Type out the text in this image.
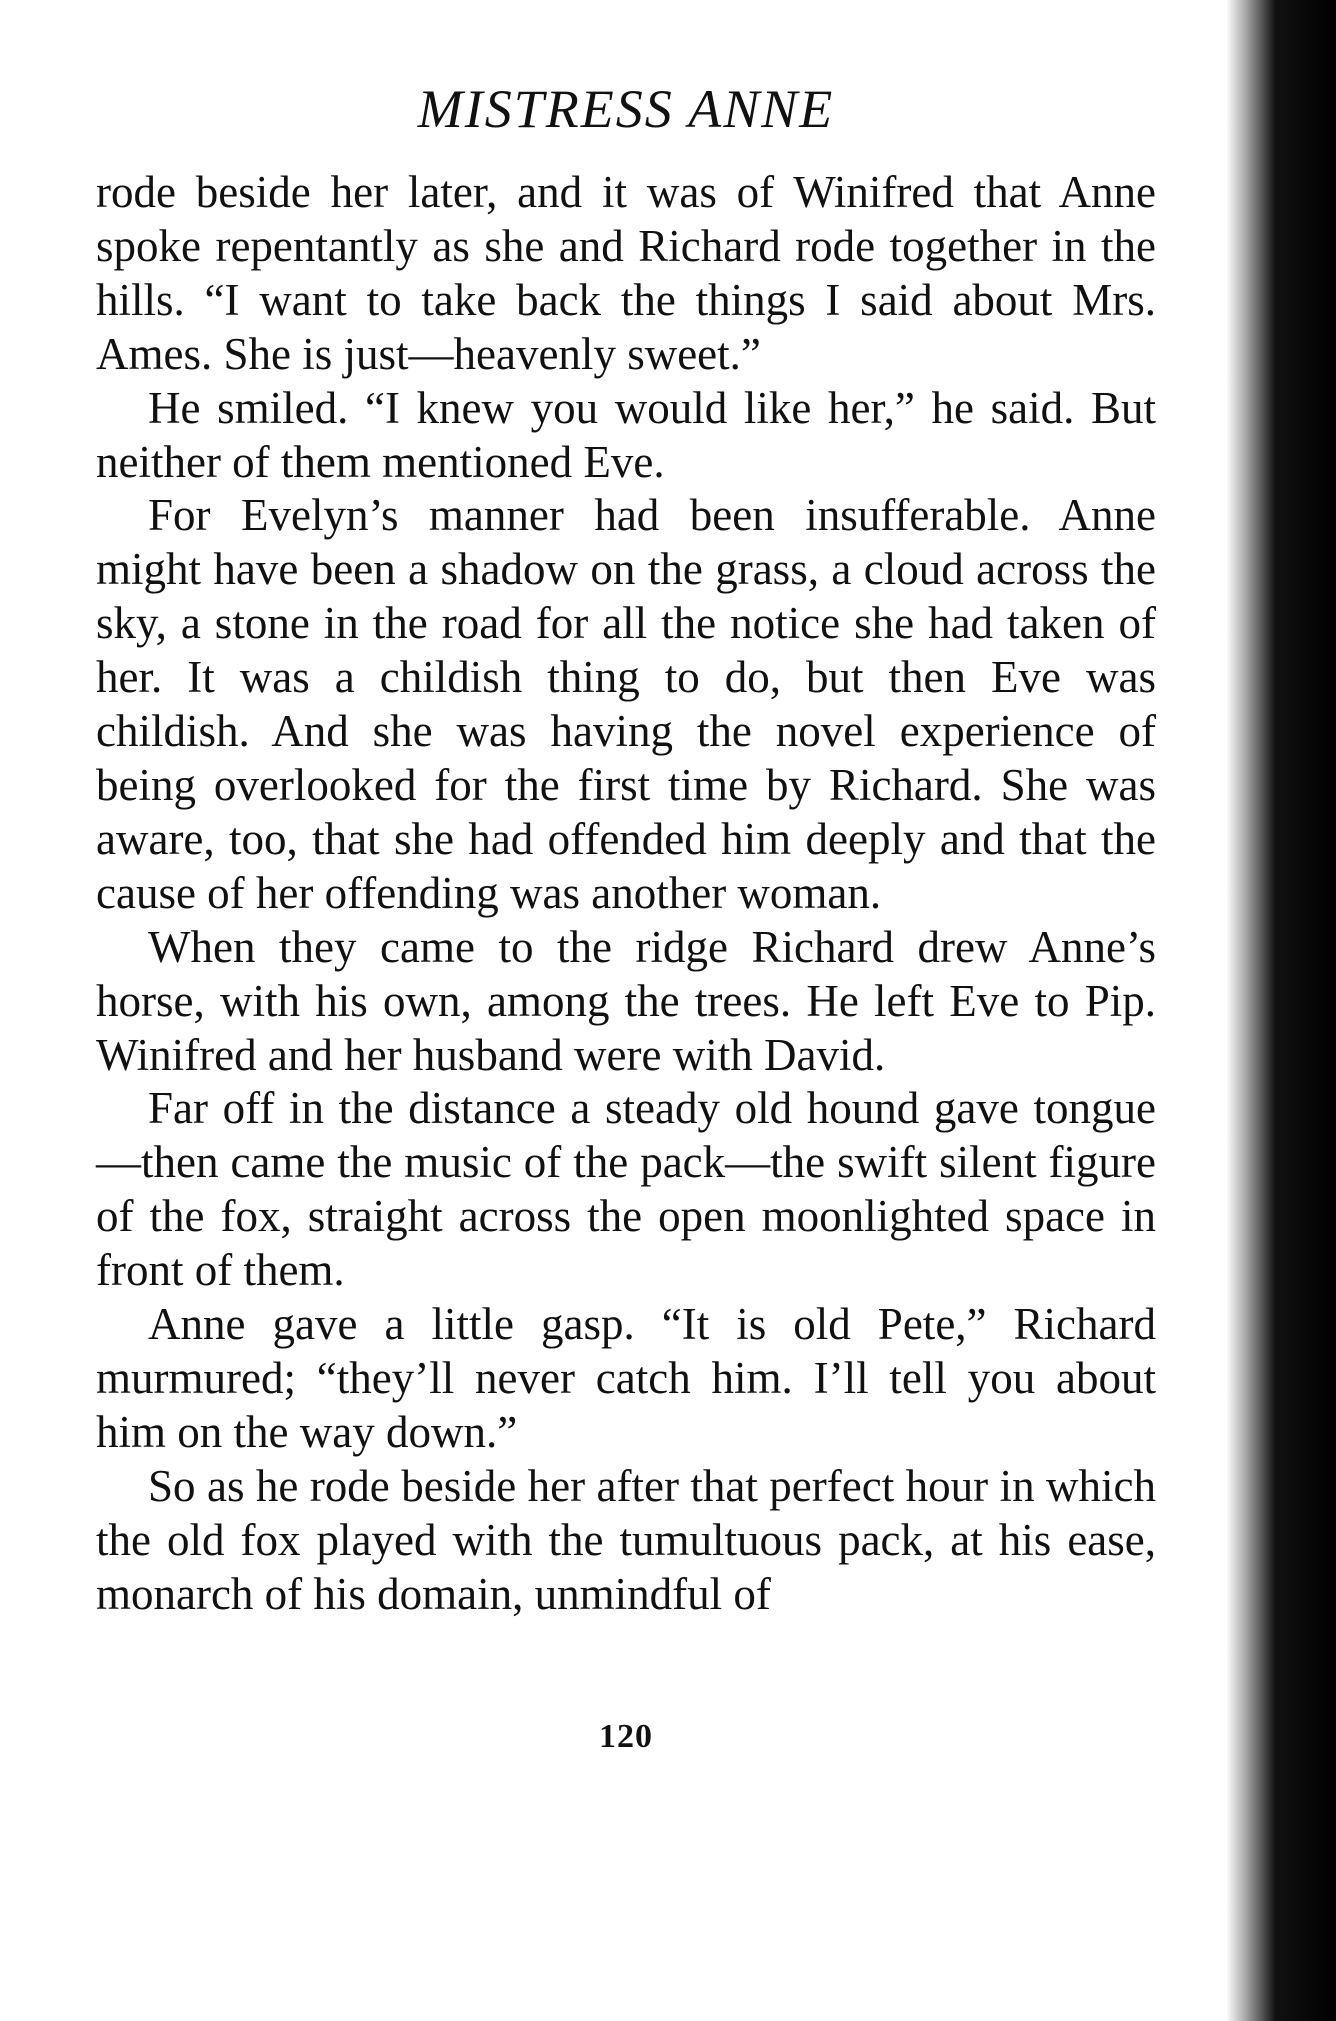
MISTRESS ANNE

rode beside her later, and it was of Winifred that Anne spoke repentantly as she and Richard rode together in the hills. “I want to take back the things I said about Mrs. Ames. She is just—heavenly sweet.”

He smiled. “I knew you would like her,” he said. But neither of them mentioned Eve.

For Evelyn’s manner had been insufferable. Anne might have been a shadow on the grass, a cloud across the sky, a stone in the road for all the notice she had taken of her. It was a childish thing to do, but then Eve was childish. And she was having the novel experience of being overlooked for the first time by Richard. She was aware, too, that she had offended him deeply and that the cause of her offending was another woman.

When they came to the ridge Richard drew Anne’s horse, with his own, among the trees. He left Eve to Pip. Winifred and her husband were with David.

Far off in the distance a steady old hound gave tongue—then came the music of the pack—the swift silent figure of the fox, straight across the open moonlighted space in front of them.

Anne gave a little gasp. “It is old Pete,” Richard murmured; “they’ll never catch him. I’ll tell you about him on the way down.”

So as he rode beside her after that perfect hour in which the old fox played with the tumultuous pack, at his ease, monarch of his domain, unmindful of

120
